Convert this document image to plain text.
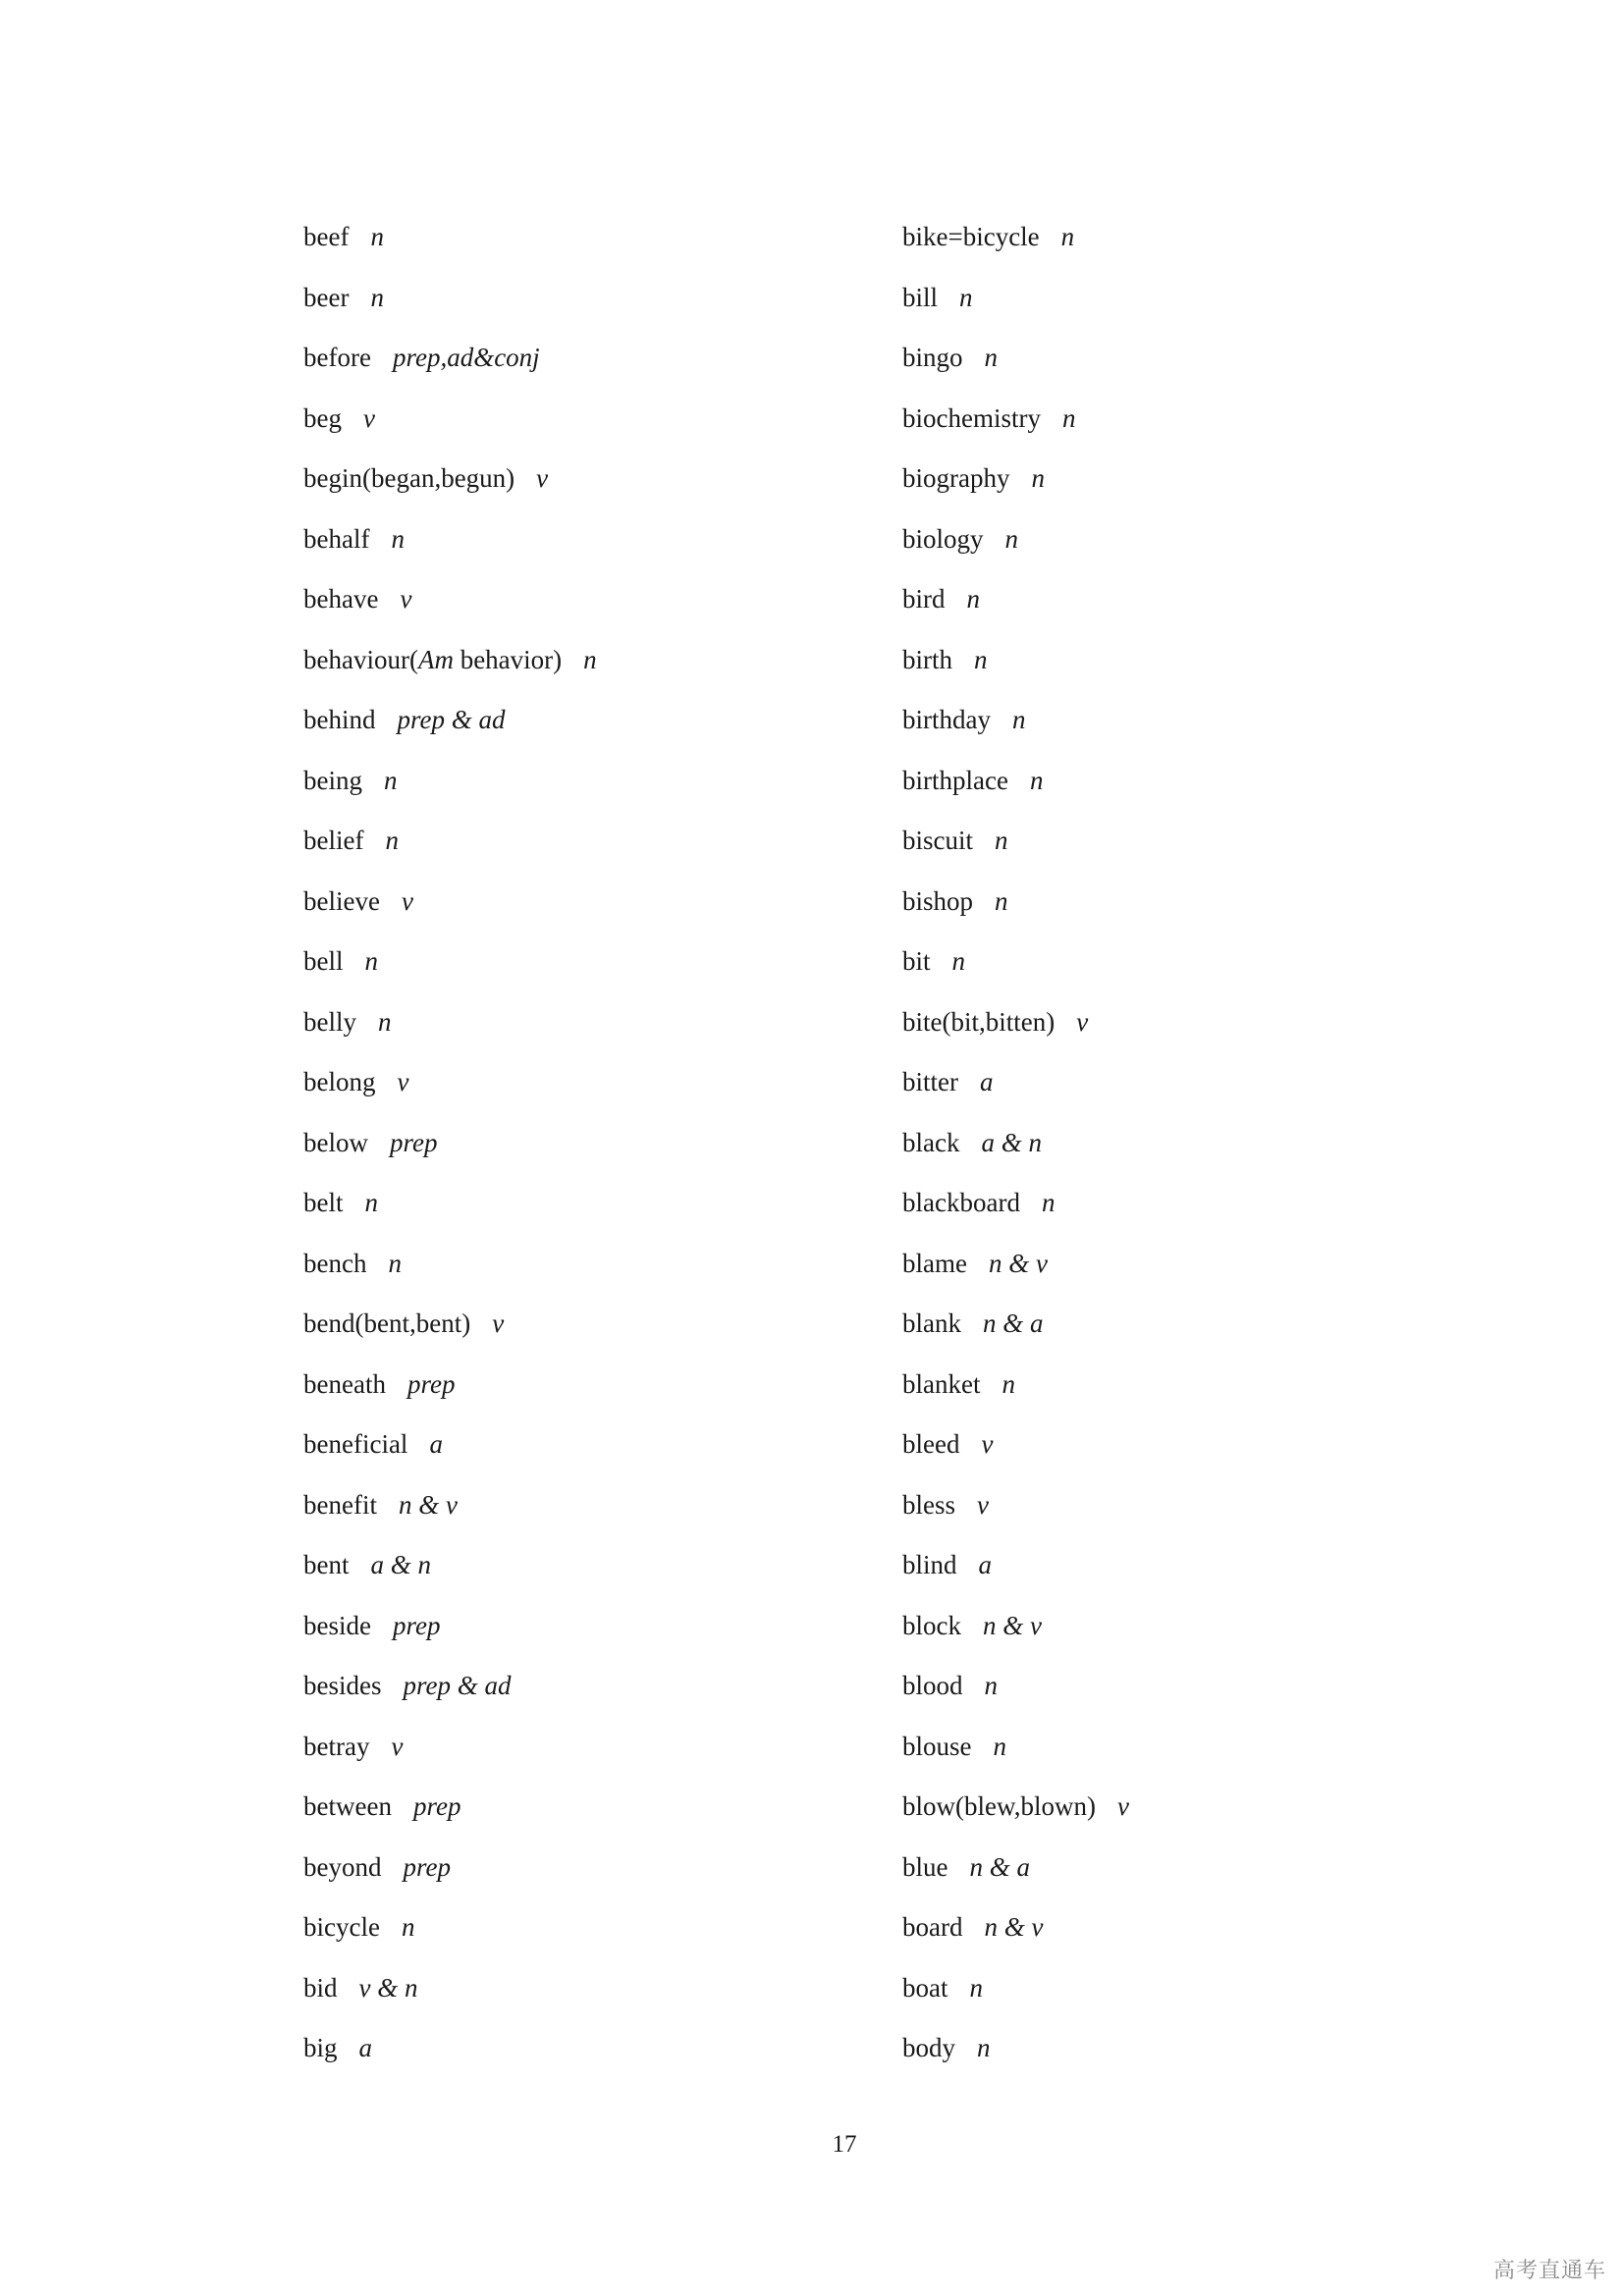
beef n
beer n
before prep,ad&conj
beg v
begin(began,begun) v
behalf n
behave v
behaviour(Am behavior) n
behind prep & ad
being n
belief n
believe v
bell n
belly n
belong v
below prep
belt n
bench n
bend(bent,bent) v
beneath prep
beneficial a
benefit n & v
bent a & n
beside prep
besides prep & ad
betray v
between prep
beyond prep
bicycle n
bid v & n
big a
bike=bicycle n
bill n
bingo n
biochemistry n
biography n
biology n
bird n
birth n
birthday n
birthplace n
biscuit n
bishop n
bit n
bite(bit,bitten) v
bitter a
black a & n
blackboard n
blame n & v
blank n & a
blanket n
bleed v
bless v
blind a
block n & v
blood n
blouse n
blow(blew,blown) v
blue n & a
board n & v
boat n
body n
17
高考直通车
